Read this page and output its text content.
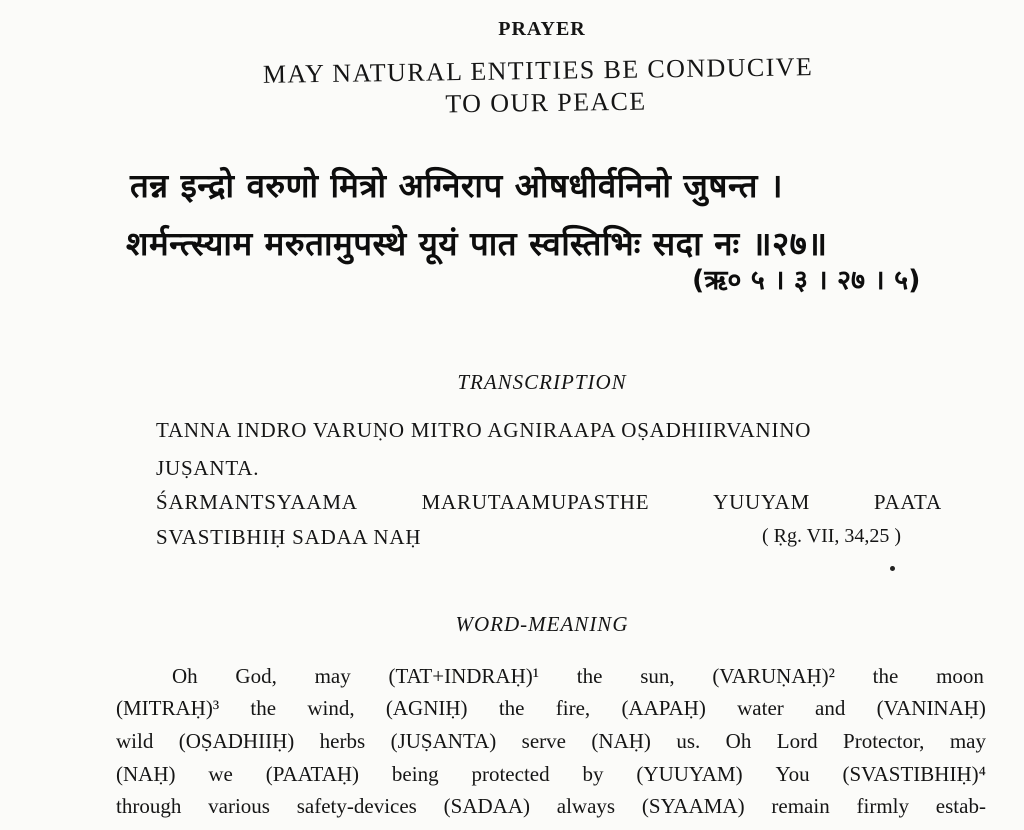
PRAYER
MAY NATURAL ENTITIES BE CONDUCIVE
TO OUR PEACE
तन्न इन्द्रो वरुणो मित्रो अग्निराप ओषधीर्वनिनो जुषन्त ।
शर्मन्त्स्याम मरुतामुपस्थे यूयं पात स्वस्तिभिः सदा नः ॥२७॥
(ऋ० ५ । ३ । २७ । ५)
TRANSCRIPTION
TANNA INDRO VARUṆO MITRO AGNIRAAPA OṢADHIIRVANINO
JUṢANTA.
ŚARMANTSYAAMA	MARUTAAMUPASTHE	YUUYAM	PAATA
SVASTIBHIḤ SADAA NAḤ	( Ṛg. VII, 34,25 )
WORD-MEANING
Oh God, may (TAT+INDRAḤ)¹ the sun, (VARUṆAḤ)² the moon
(MITRAḤ)³ the wind, (AGNIḤ) the fire, (AAPAḤ) water and (VANINAḤ)
wild (OṢADHIIḤ) herbs (JUṢANTA) serve (NAḤ) us. Oh Lord Protector, may
(NAḤ) we (PAATAḤ) being protected by (YUUYAM) You (SVASTIBHIḤ)⁴
through various safety-devices (SADAA) always (SYAAMA) remain firmly estab-
